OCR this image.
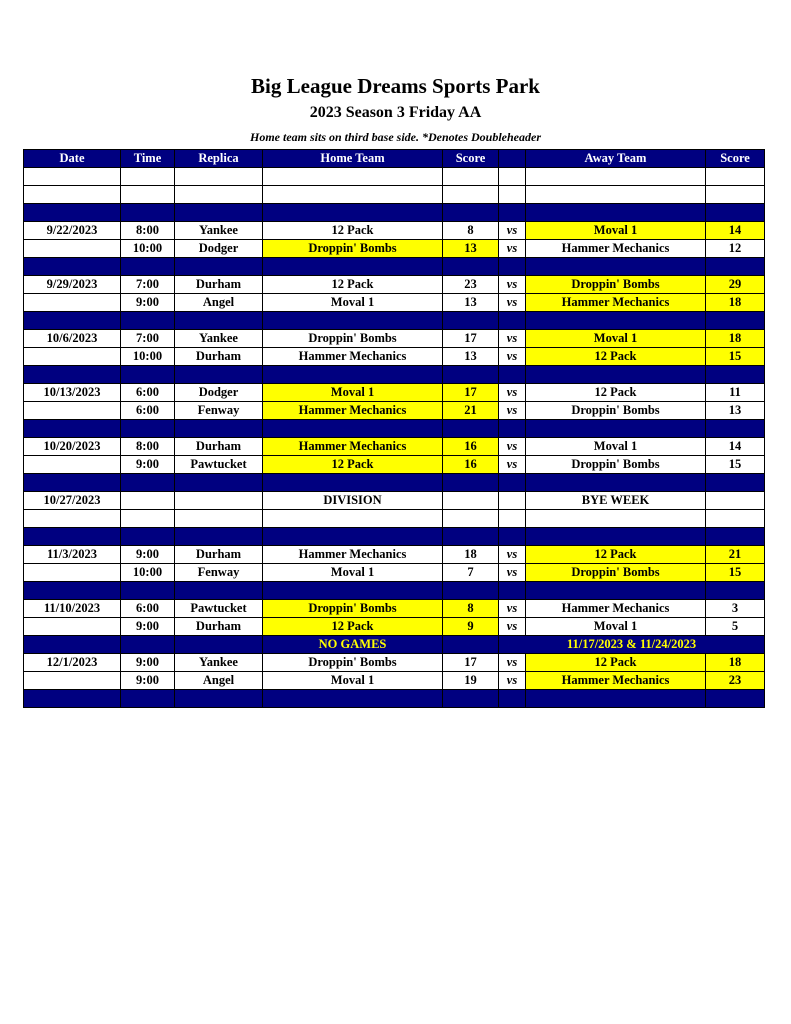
Big League Dreams Sports Park
2023 Season 3 Friday AA
Home team sits on third base side. *Denotes Doubleheader
Date	Time	Replica	Home Team	Score		Away Team	Score

9/22/2023	8:00	Yankee	12 Pack	8	vs	Moval 1	14
	10:00	Dodger	Droppin' Bombs	13	vs	Hammer Mechanics	12

9/29/2023	7:00	Durham	12 Pack	23	vs	Droppin' Bombs	29
	9:00	Angel	Moval 1	13	vs	Hammer Mechanics	18

10/6/2023	7:00	Yankee	Droppin' Bombs	17	vs	Moval 1	18
	10:00	Durham	Hammer Mechanics	13	vs	12 Pack	15

10/13/2023	6:00	Dodger	Moval 1	17	vs	12 Pack	11
	6:00	Fenway	Hammer Mechanics	21	vs	Droppin' Bombs	13

10/20/2023	8:00	Durham	Hammer Mechanics	16	vs	Moval 1	14
	9:00	Pawtucket	12 Pack	16	vs	Droppin' Bombs	15

10/27/2023			DIVISION			BYE WEEK	

11/3/2023	9:00	Durham	Hammer Mechanics	18	vs	12 Pack	21
	10:00	Fenway	Moval 1	7	vs	Droppin' Bombs	15

11/10/2023	6:00	Pawtucket	Droppin' Bombs	8	vs	Hammer Mechanics	3
	9:00	Durham	12 Pack	9	vs	Moval 1	5
			NO GAMES		11/17/2023 & 11/24/2023		
12/1/2023	9:00	Yankee	Droppin' Bombs	17	vs	12 Pack	18
	9:00	Angel	Moval 1	19	vs	Hammer Mechanics	23
